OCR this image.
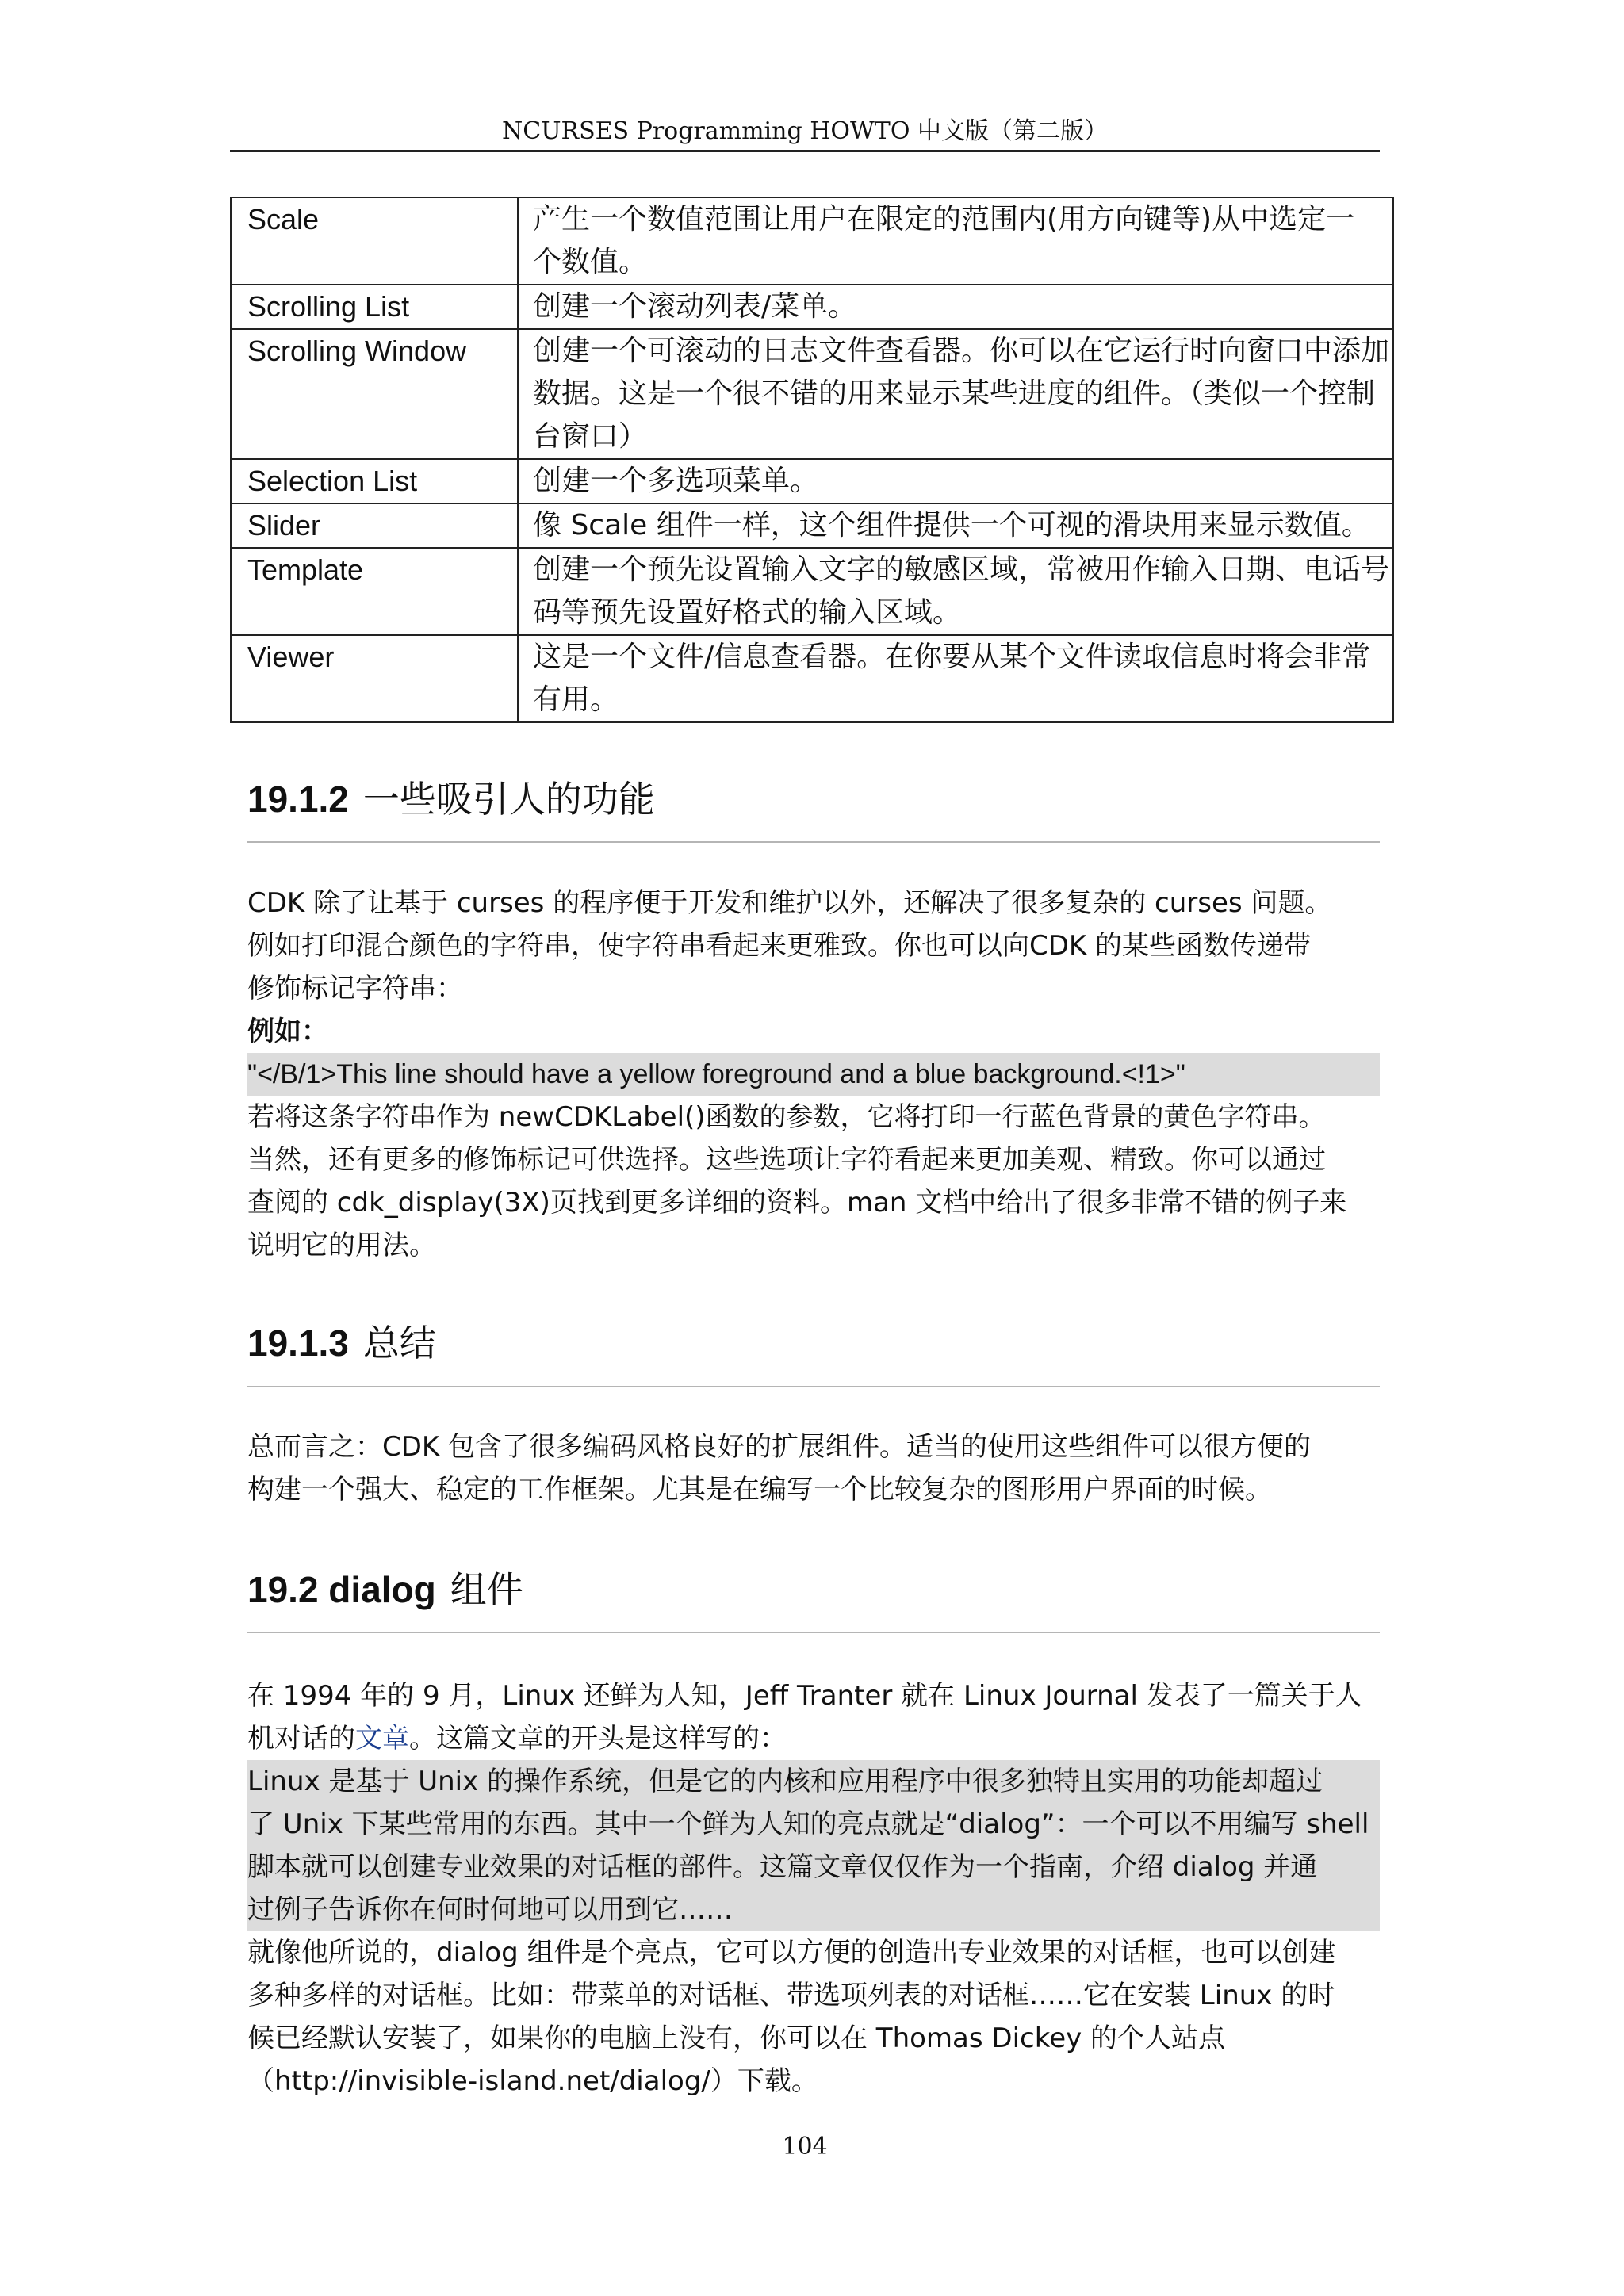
NCURSES Programming HOWTO 中文版（第二版）
Scale	产生一个数值范围让用户在限定的范围内(用方向键等)从中选定一
个数值。

Scrolling List	创建一个滚动列表/菜单。

Scrolling Window	创建一个可滚动的日志文件查看器。你可以在它运行时向窗口中添加
数据。这是一个很不错的用来显示某些进度的组件。（类似一个控制
台窗口）

Selection List	创建一个多选项菜单。

Slider	像 Scale 组件一样，这个组件提供一个可视的滑块用来显示数值。

Template	创建一个预先设置输入文字的敏感区域，常被用作输入日期、电话号
码等预先设置好格式的输入区域。

Viewer	这是一个文件/信息查看器。在你要从某个文件读取信息时将会非常
有用。
19.1.2 一些吸引人的功能
CDK 除了让基于 curses 的程序便于开发和维护以外，还解决了很多复杂的 curses 问题。
例如打印混合颜色的字符串，使字符串看起来更雅致。你也可以向CDK 的某些函数传递带
修饰标记字符串：
例如：
"</B/1>This line should have a yellow foreground and a blue background.<!1>"
若将这条字符串作为 newCDKLabel()函数的参数，它将打印一行蓝色背景的黄色字符串。
当然，还有更多的修饰标记可供选择。这些选项让字符看起来更加美观、精致。你可以通过
查阅的 cdk_display(3X)页找到更多详细的资料。man 文档中给出了很多非常不错的例子来
说明它的用法。
19.1.3 总结
总而言之：CDK 包含了很多编码风格良好的扩展组件。适当的使用这些组件可以很方便的
构建一个强大、稳定的工作框架。尤其是在编写一个比较复杂的图形用户界面的时候。
19.2 dialog 组件
在 1994 年的 9 月，Linux 还鲜为人知，Jeff Tranter 就在 Linux Journal 发表了一篇关于人
机对话的文章。这篇文章的开头是这样写的：
Linux 是基于 Unix 的操作系统，但是它的内核和应用程序中很多独特且实用的功能却超过
了 Unix 下某些常用的东西。其中一个鲜为人知的亮点就是“dialog”：一个可以不用编写 shell
脚本就可以创建专业效果的对话框的部件。这篇文章仅仅作为一个指南，介绍 dialog 并通
过例子告诉你在何时何地可以用到它……
就像他所说的，dialog 组件是个亮点，它可以方便的创造出专业效果的对话框，也可以创建
多种多样的对话框。比如：带菜单的对话框、带选项列表的对话框……它在安装 Linux 的时
候已经默认安装了，如果你的电脑上没有，你可以在 Thomas Dickey 的个人站点
（http://invisible-island.net/dialog/）下载。
104
